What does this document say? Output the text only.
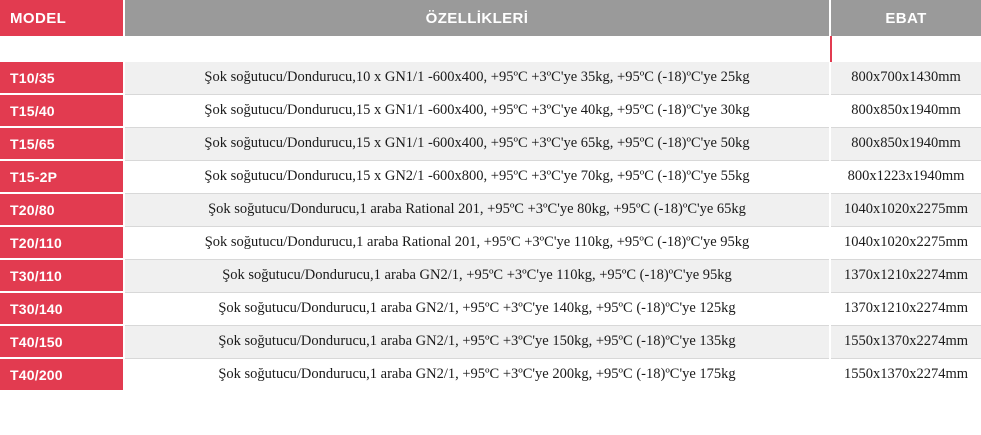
MODEL	ÖZELLİKLERİ	EBAT

T10/35	Şok soğutucu/Dondurucu,10 x GN1/1 -600x400, +95ºC +3ºC'ye 35kg, +95ºC (-18)ºC'ye 25kg	800x700x1430mm
T15/40	Şok soğutucu/Dondurucu,15 x GN1/1 -600x400, +95ºC +3ºC'ye 40kg, +95ºC (-18)ºC'ye 30kg	800x850x1940mm
T15/65	Şok soğutucu/Dondurucu,15 x GN1/1 -600x400, +95ºC +3ºC'ye 65kg, +95ºC (-18)ºC'ye 50kg	800x850x1940mm
T15-2P	Şok soğutucu/Dondurucu,15 x GN2/1 -600x800, +95ºC +3ºC'ye 70kg, +95ºC (-18)ºC'ye 55kg	800x1223x1940mm
T20/80	Şok soğutucu/Dondurucu,1 araba Rational 201, +95ºC +3ºC'ye 80kg, +95ºC (-18)ºC'ye 65kg	1040x1020x2275mm
T20/110	Şok soğutucu/Dondurucu,1 araba Rational 201, +95ºC +3ºC'ye 110kg, +95ºC (-18)ºC'ye 95kg	1040x1020x2275mm
T30/110	Şok soğutucu/Dondurucu,1 araba GN2/1, +95ºC +3ºC'ye 110kg, +95ºC (-18)ºC'ye 95kg	1370x1210x2274mm
T30/140	Şok soğutucu/Dondurucu,1 araba GN2/1, +95ºC +3ºC'ye 140kg, +95ºC (-18)ºC'ye 125kg	1370x1210x2274mm
T40/150	Şok soğutucu/Dondurucu,1 araba GN2/1, +95ºC +3ºC'ye 150kg, +95ºC (-18)ºC'ye 135kg	1550x1370x2274mm
T40/200	Şok soğutucu/Dondurucu,1 araba GN2/1, +95ºC +3ºC'ye 200kg, +95ºC (-18)ºC'ye 175kg	1550x1370x2274mm
